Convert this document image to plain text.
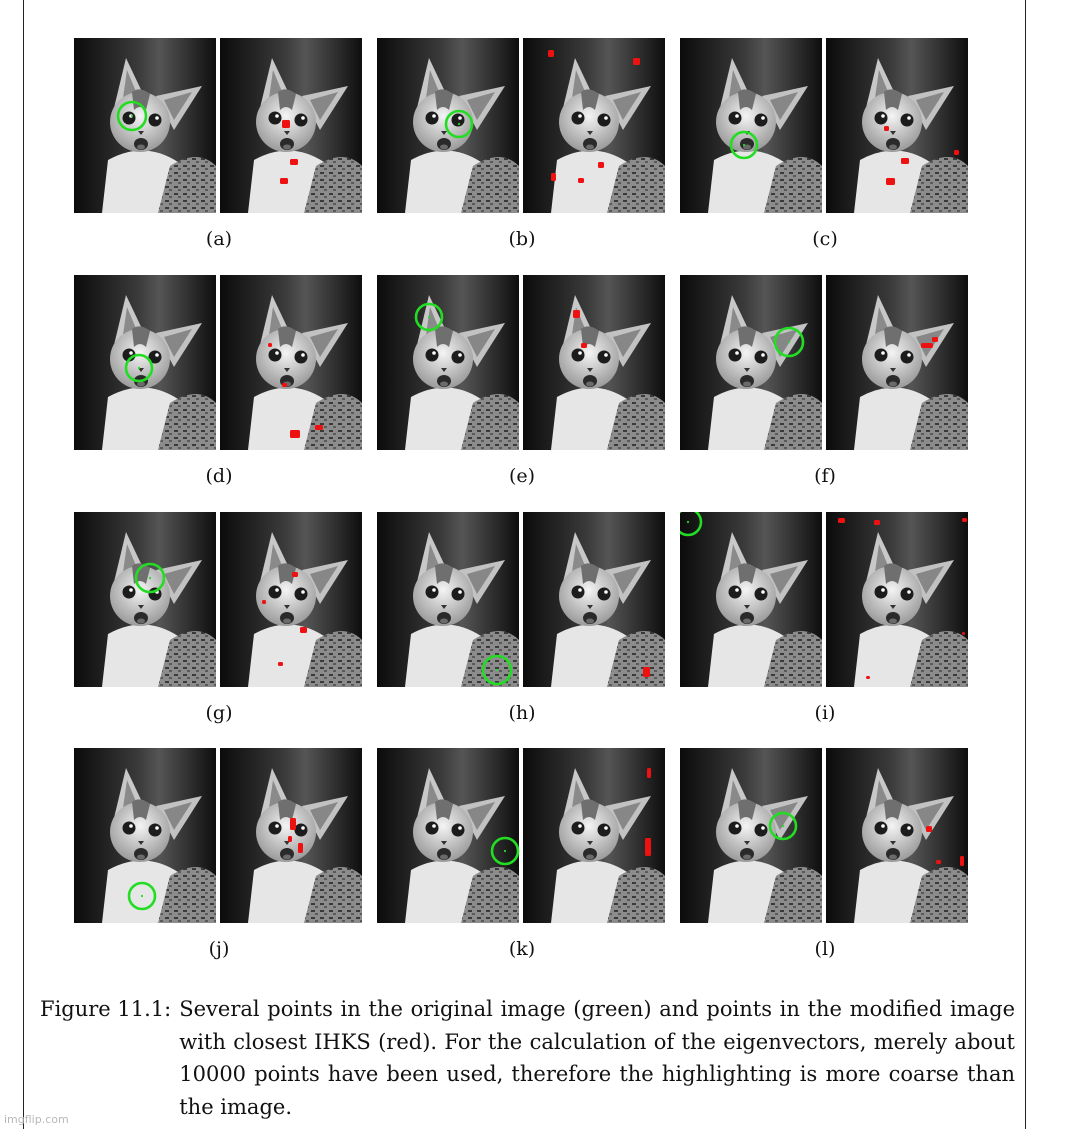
(a)	(b)	(c)
(d)	(e)	(f)
(g)	(h)	(i)
(j)	(k)	(l)
Figure 11.1: Several points in the original image (green) and points in the modified image with closest IHKS (red). For the calculation of the eigenvectors, merely about 10000 points have been used, therefore the highlighting is more coarse than the image.
imgflip.com
